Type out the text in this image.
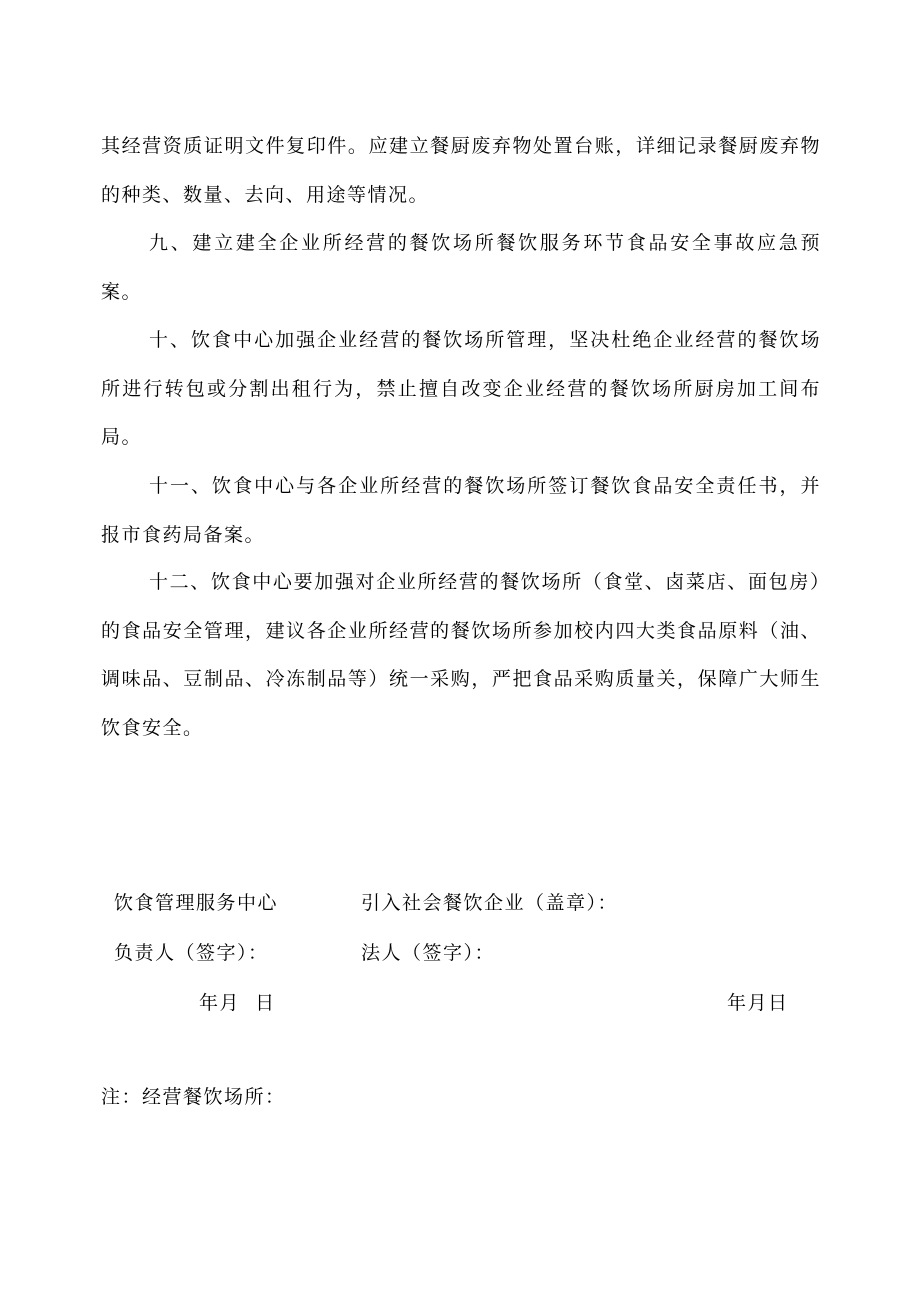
其经营资质证明文件复印件。应建立餐厨废弃物处置台账，详细记录餐厨废弃物的种类、数量、去向、用途等情况。

九、建立建全企业所经营的餐饮场所餐饮服务环节食品安全事故应急预案。

十、饮食中心加强企业经营的餐饮场所管理，坚决杜绝企业经营的餐饮场所进行转包或分割出租行为，禁止擅自改变企业经营的餐饮场所厨房加工间布局。

十一、饮食中心与各企业所经营的餐饮场所签订餐饮食品安全责任书，并报市食药局备案。

十二、饮食中心要加强对企业所经营的餐饮场所（食堂、卤菜店、面包房）的食品安全管理，建议各企业所经营的餐饮场所参加校内四大类食品原料（油、调味品、豆制品、冷冻制品等）统一采购，严把食品采购质量关，保障广大师生饮食安全。

饮食管理服务中心	引入社会餐饮企业（盖章）：

负责人（签字）：	法人（签字）：

年月  日	年月日

注：经营餐饮场所：
